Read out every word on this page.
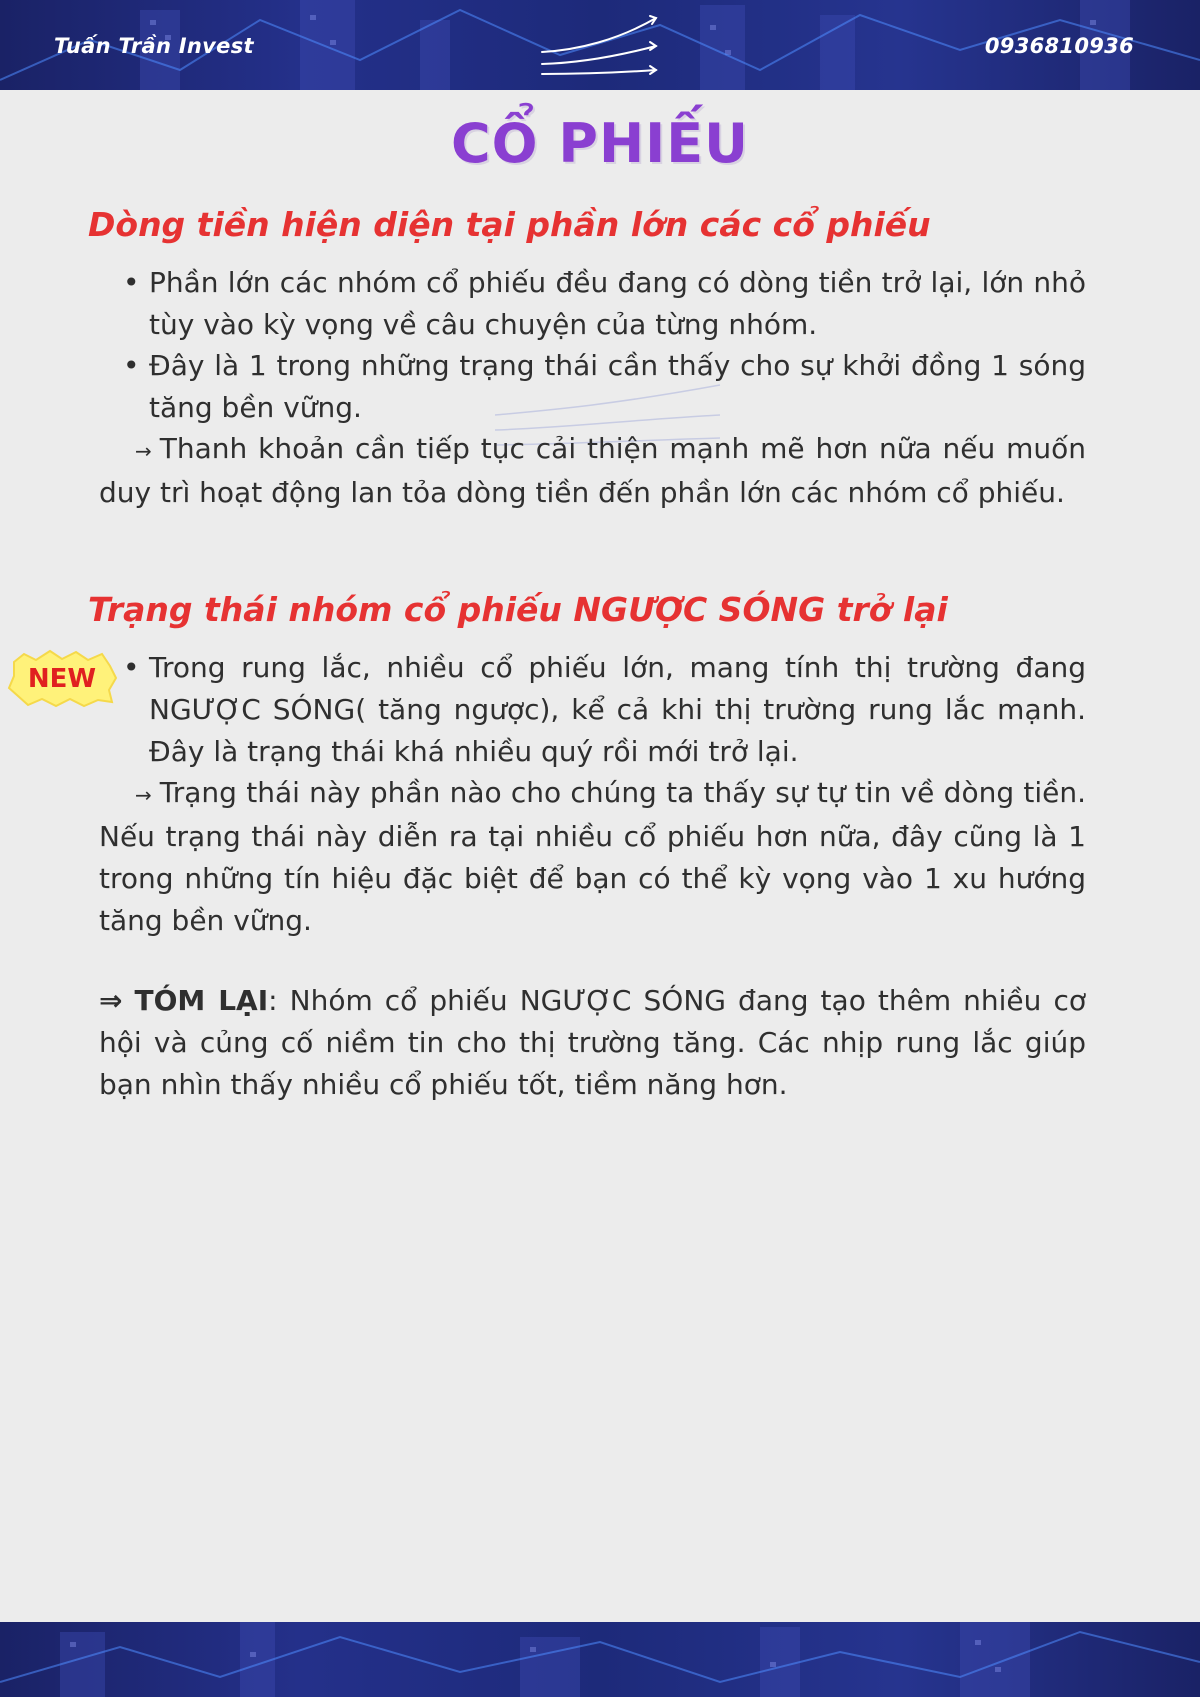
Tuấn Trần Invest	0936810936
CỔ PHIẾU
Dòng tiền hiện diện tại phần lớn các cổ phiếu
• Phần lớn các nhóm cổ phiếu đều đang có dòng tiền trở lại, lớn nhỏ tùy vào kỳ vọng về câu chuyện của từng nhóm.
• Đây là 1 trong những trạng thái cần thấy cho sự khởi đồng 1 sóng tăng bền vững.
→ Thanh khoản cần tiếp tục cải thiện mạnh mẽ hơn nữa nếu muốn duy trì hoạt động lan tỏa dòng tiền đến phần lớn các nhóm cổ phiếu.
Trạng thái nhóm cổ phiếu NGƯỢC SÓNG trở lại
NEW • Trong rung lắc, nhiều cổ phiếu lớn, mang tính thị trường đang NGƯỢC SÓNG( tăng ngược), kể cả khi thị trường rung lắc mạnh. Đây là trạng thái khá nhiều quý rồi mới trở lại.
→ Trạng thái này phần nào cho chúng ta thấy sự tự tin về dòng tiền. Nếu trạng thái này diễn ra tại nhiều cổ phiếu hơn nữa, đây cũng là 1 trong những tín hiệu đặc biệt để bạn có thể kỳ vọng vào 1 xu hướng tăng bền vững.
⇒ TÓM LẠI: Nhóm cổ phiếu NGƯỢC SÓNG đang tạo thêm nhiều cơ hội và củng cố niềm tin cho thị trường tăng. Các nhịp rung lắc giúp bạn nhìn thấy nhiều cổ phiếu tốt, tiềm năng hơn.
